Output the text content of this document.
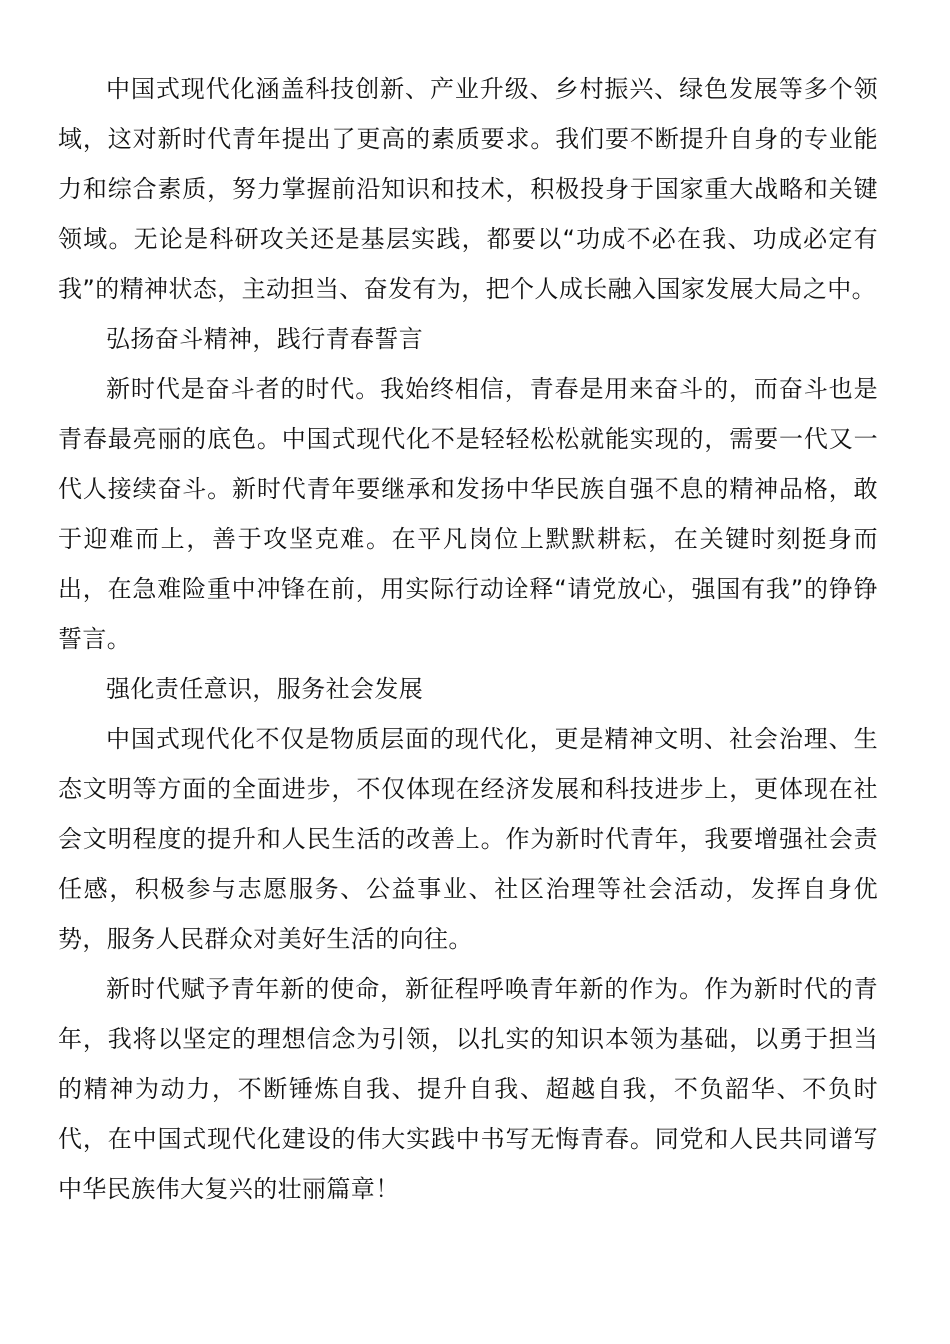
中国式现代化涵盖科技创新、产业升级、乡村振兴、绿色发展等多个领域，这对新时代青年提出了更高的素质要求。我们要不断提升自身的专业能力和综合素质，努力掌握前沿知识和技术，积极投身于国家重大战略和关键领域。无论是科研攻关还是基层实践，都要以“功成不必在我、功成必定有我”的精神状态，主动担当、奋发有为，把个人成长融入国家发展大局之中。

弘扬奋斗精神，践行青春誓言

新时代是奋斗者的时代。我始终相信，青春是用来奋斗的，而奋斗也是青春最亮丽的底色。中国式现代化不是轻轻松松就能实现的，需要一代又一代人接续奋斗。新时代青年要继承和发扬中华民族自强不息的精神品格，敢于迎难而上，善于攻坚克难。在平凡岗位上默默耕耘，在关键时刻挺身而出，在急难险重中冲锋在前，用实际行动诠释“请党放心，强国有我”的铮铮誓言。

强化责任意识，服务社会发展

中国式现代化不仅是物质层面的现代化，更是精神文明、社会治理、生态文明等方面的全面进步，不仅体现在经济发展和科技进步上，更体现在社会文明程度的提升和人民生活的改善上。作为新时代青年，我要增强社会责任感，积极参与志愿服务、公益事业、社区治理等社会活动，发挥自身优势，服务人民群众对美好生活的向往。

新时代赋予青年新的使命，新征程呼唤青年新的作为。作为新时代的青年，我将以坚定的理想信念为引领，以扎实的知识本领为基础，以勇于担当的精神为动力，不断锤炼自我、提升自我、超越自我，不负韶华、不负时代，在中国式现代化建设的伟大实践中书写无悔青春。同党和人民共同谱写中华民族伟大复兴的壮丽篇章！
